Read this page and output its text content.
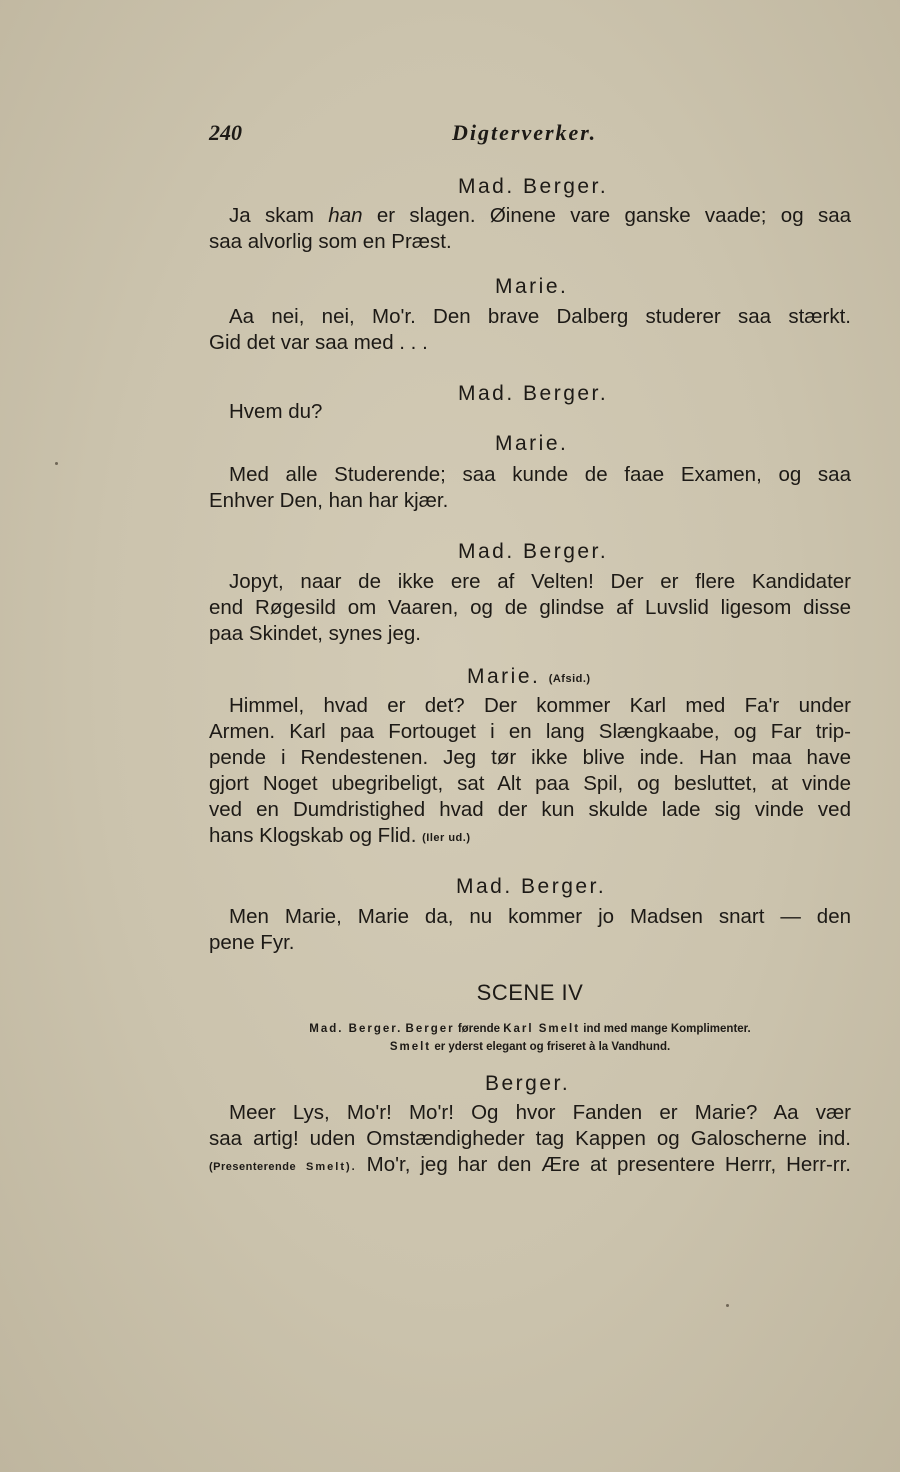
240	Digterverker.
Mad. Berger.
Ja skam han er slagen. Øinene vare ganske vaade; og saa
saa alvorlig som en Præst.
Marie.
Aa nei, nei, Mo'r. Den brave Dalberg studerer saa stærkt.
Gid det var saa med . . .
Mad. Berger.
Hvem du?
Marie.
Med alle Studerende; saa kunde de faae Examen, og saa
Enhver Den, han har kjær.
Mad. Berger.
Jopyt, naar de ikke ere af Velten! Der er flere Kandidater
end Røgesild om Vaaren, og de glindse af Luvslid ligesom disse
paa Skindet, synes jeg.
Marie. (Afsid.)
Himmel, hvad er det? Der kommer Karl med Fa'r under
Armen. Karl paa Fortouget i en lang Slængkaabe, og Far trip-
pende i Rendestenen. Jeg tør ikke blive inde. Han maa have
gjort Noget ubegribeligt, sat Alt paa Spil, og besluttet, at vinde
ved en Dumdristighed hvad der kun skulde lade sig vinde ved
hans Klogskab og Flid. (Iler ud.)
Mad. Berger.
Men Marie, Marie da, nu kommer jo Madsen snart — den
pene Fyr.
SCENE IV
Mad. Berger. Berger førende Karl Smelt ind med mange Komplimenter.
Smelt er yderst elegant og friseret à la Vandhund.
Berger.
Meer Lys, Mo'r! Mo'r! Og hvor Fanden er Marie? Aa vær
saa artig! uden Omstændigheder tag Kappen og Galoscherne ind.
(Presenterende Smelt). Mo'r, jeg har den Ære at presentere Herrr, Herr-rr.
